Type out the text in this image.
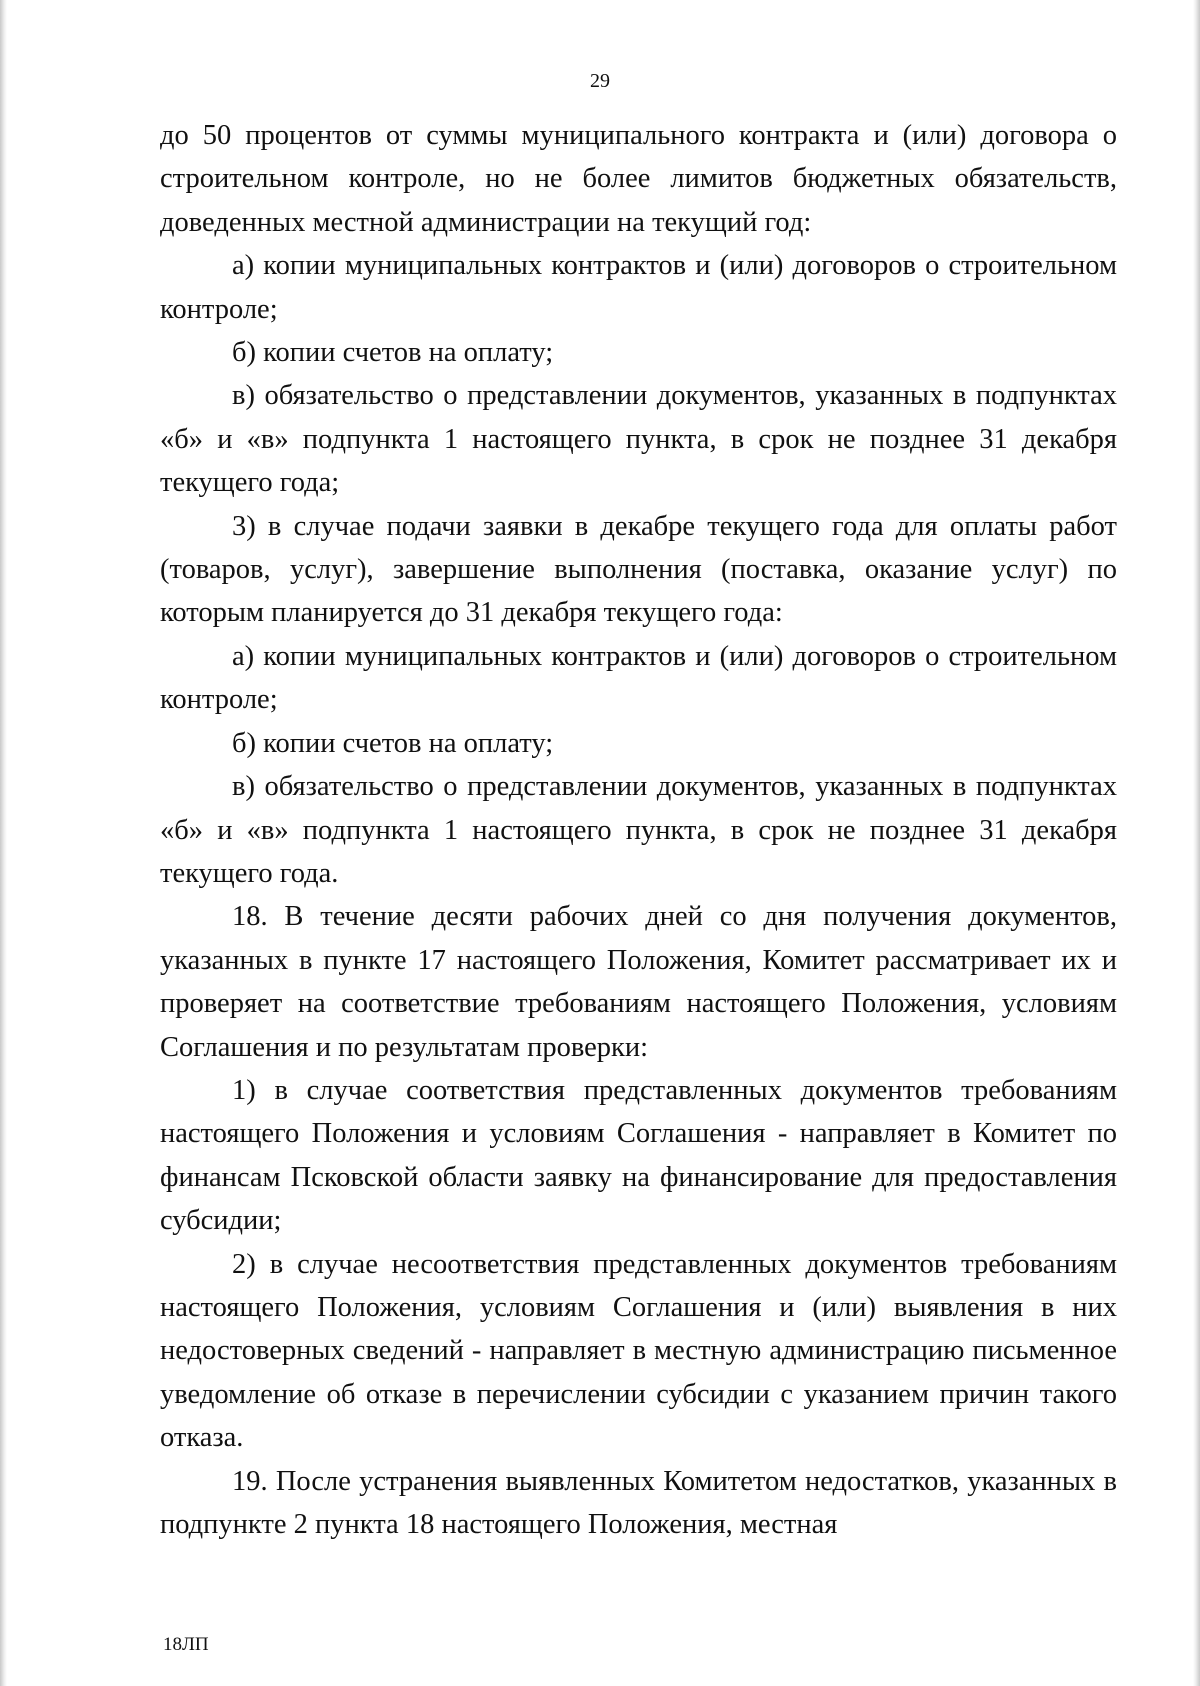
29

до 50 процентов от суммы муниципального контракта и (или) договора о строительном контроле, но не более лимитов бюджетных обязательств, доведенных местной администрации на текущий год:

а) копии муниципальных контрактов и (или) договоров о строительном контроле;

б) копии счетов на оплату;

в) обязательство о представлении документов, указанных в подпунктах «б» и «в» подпункта 1 настоящего пункта, в срок не позднее 31 декабря текущего года;

3) в случае подачи заявки в декабре текущего года для оплаты работ (товаров, услуг), завершение выполнения (поставка, оказание услуг) по которым планируется до 31 декабря текущего года:

а) копии муниципальных контрактов и (или) договоров о строительном контроле;

б) копии счетов на оплату;

в) обязательство о представлении документов, указанных в подпунктах «б» и «в» подпункта 1 настоящего пункта, в срок не позднее 31 декабря текущего года.

18. В течение десяти рабочих дней со дня получения документов, указанных в пункте 17 настоящего Положения, Комитет рассматривает их и проверяет на соответствие требованиям настоящего Положения, условиям Соглашения и по результатам проверки:

1) в случае соответствия представленных документов требованиям настоящего Положения и условиям Соглашения - направляет в Комитет по финансам Псковской области заявку на финансирование для предоставления субсидии;

2) в случае несоответствия представленных документов требованиям настоящего Положения, условиям Соглашения и (или) выявления в них недостоверных сведений - направляет в местную администрацию письменное уведомление об отказе в перечислении субсидии с указанием причин такого отказа.

19. После устранения выявленных Комитетом недостатков, указанных в подпункте 2 пункта 18 настоящего Положения, местная

18ЛП
